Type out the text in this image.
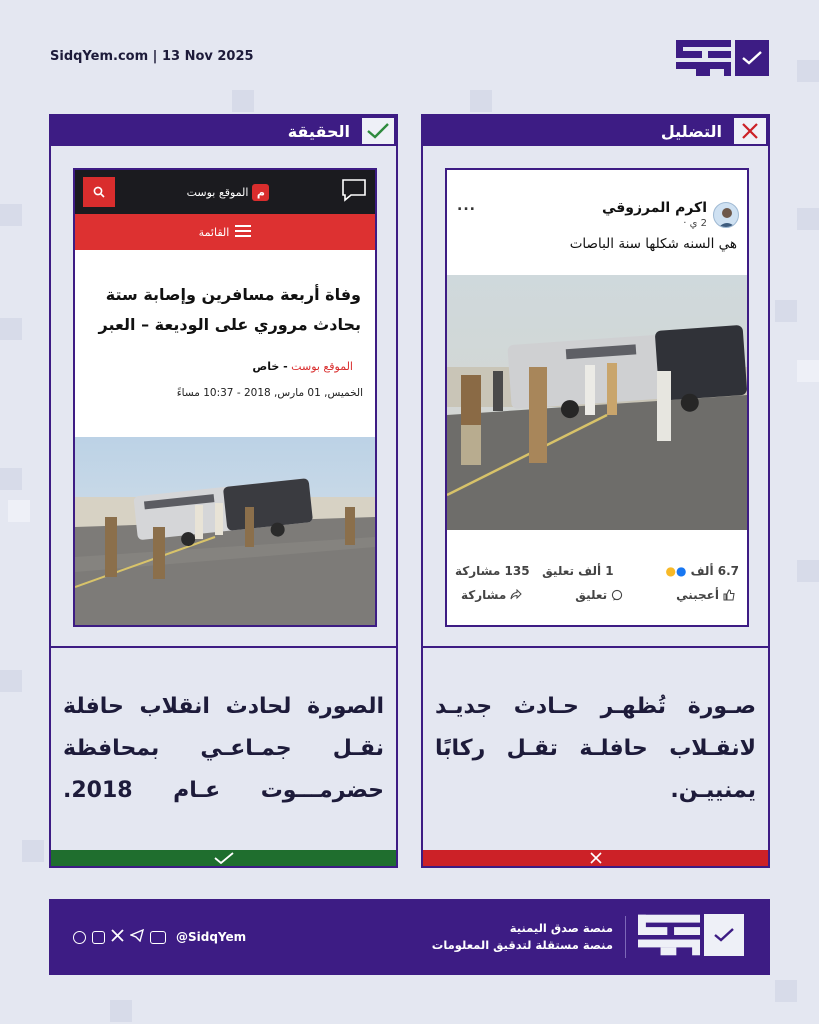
SidqYem.com | 13 Nov 2025
الحقيقة
م
الموقع بوست
القائمة
وفاة أربعة مسافرين وإصابة ستة بحادث مروري على الوديعة – العبر
الموقع بوست - خاص
الخميس, 01 مارس, 2018 - 10:37 مساءً
الصورة لحادث انقلاب حافلة نقـل جمـاعـي بمحافظة حضرمـــوت عـام 2018.
التضليل
اكرم المرزوقي
2 ي ·
...
هي السنه شكلها سنة الباصات
6.7 ألف ●●
1 ألف تعليق   135 مشاركة
أعجبني
تعليق
مشاركة
صـورة تُظهـر حـادث جديـد لانقـلاب حافلـة تقـل ركابًا يمنييـن.
@SidqYem
منصة صدق اليمنية
منصة مستقلة لتدقيق المعلومات
